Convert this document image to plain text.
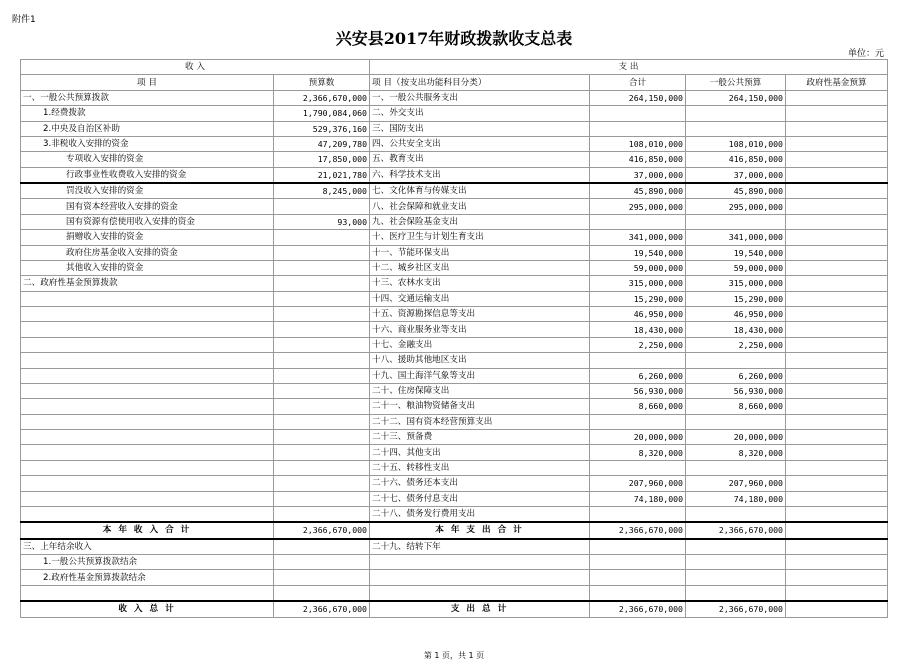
附件1
兴安县2017年财政拨款收支总表
单位：元
收 入		支 出			
项 目	预算数	项 目（按支出功能科目分类）	合计	一般公共预算	政府性基金预算
一、一般公共预算拨款	2,366,670,000	一、一般公共服务支出	264,150,000	264,150,000	
1.经费拨款	1,790,084,060	二、外交支出			
2.中央及自治区补助	529,376,160	三、国防支出			
3.非税收入安排的资金	47,209,780	四、公共安全支出	108,010,000	108,010,000	
专项收入安排的资金	17,850,000	五、教育支出	416,850,000	416,850,000	
行政事业性收费收入安排的资金	21,021,780	六、科学技术支出	37,000,000	37,000,000	
罚没收入安排的资金	8,245,000	七、文化体育与传媒支出	45,890,000	45,890,000	
国有资本经营收入安排的资金		八、社会保障和就业支出	295,000,000	295,000,000	
国有资源有偿使用收入安排的资金	93,000	九、社会保险基金支出			
捐赠收入安排的资金		十、医疗卫生与计划生育支出	341,000,000	341,000,000	
政府住房基金收入安排的资金		十一、节能环保支出	19,540,000	19,540,000	
其他收入安排的资金		十二、城乡社区支出	59,000,000	59,000,000	
二、政府性基金预算拨款		十三、农林水支出	315,000,000	315,000,000	
		十四、交通运输支出	15,290,000	15,290,000	
		十五、资源勘探信息等支出	46,950,000	46,950,000	
		十六、商业服务业等支出	18,430,000	18,430,000	
		十七、金融支出	2,250,000	2,250,000	
		十八、援助其他地区支出			
		十九、国土海洋气象等支出	6,260,000	6,260,000	
		二十、住房保障支出	56,930,000	56,930,000	
		二十一、粮油物资储备支出	8,660,000	8,660,000	
		二十二、国有资本经营预算支出			
		二十三、预备费	20,000,000	20,000,000	
		二十四、其他支出	8,320,000	8,320,000	
		二十五、转移性支出			
		二十六、债务还本支出	207,960,000	207,960,000	
		二十七、债务付息支出	74,180,000	74,180,000	
		二十八、债务发行费用支出			
本 年 收 入 合 计	2,366,670,000	本 年 支 出 合 计	2,366,670,000	2,366,670,000	
三、上年结余收入		二十九、结转下年			
1.一般公共预算拨款结余					
2.政府性基金预算拨款结余					

收 入 总 计	2,366,670,000	支 出 总 计	2,366,670,000	2,366,670,000	
第 1 页，共 1 页
